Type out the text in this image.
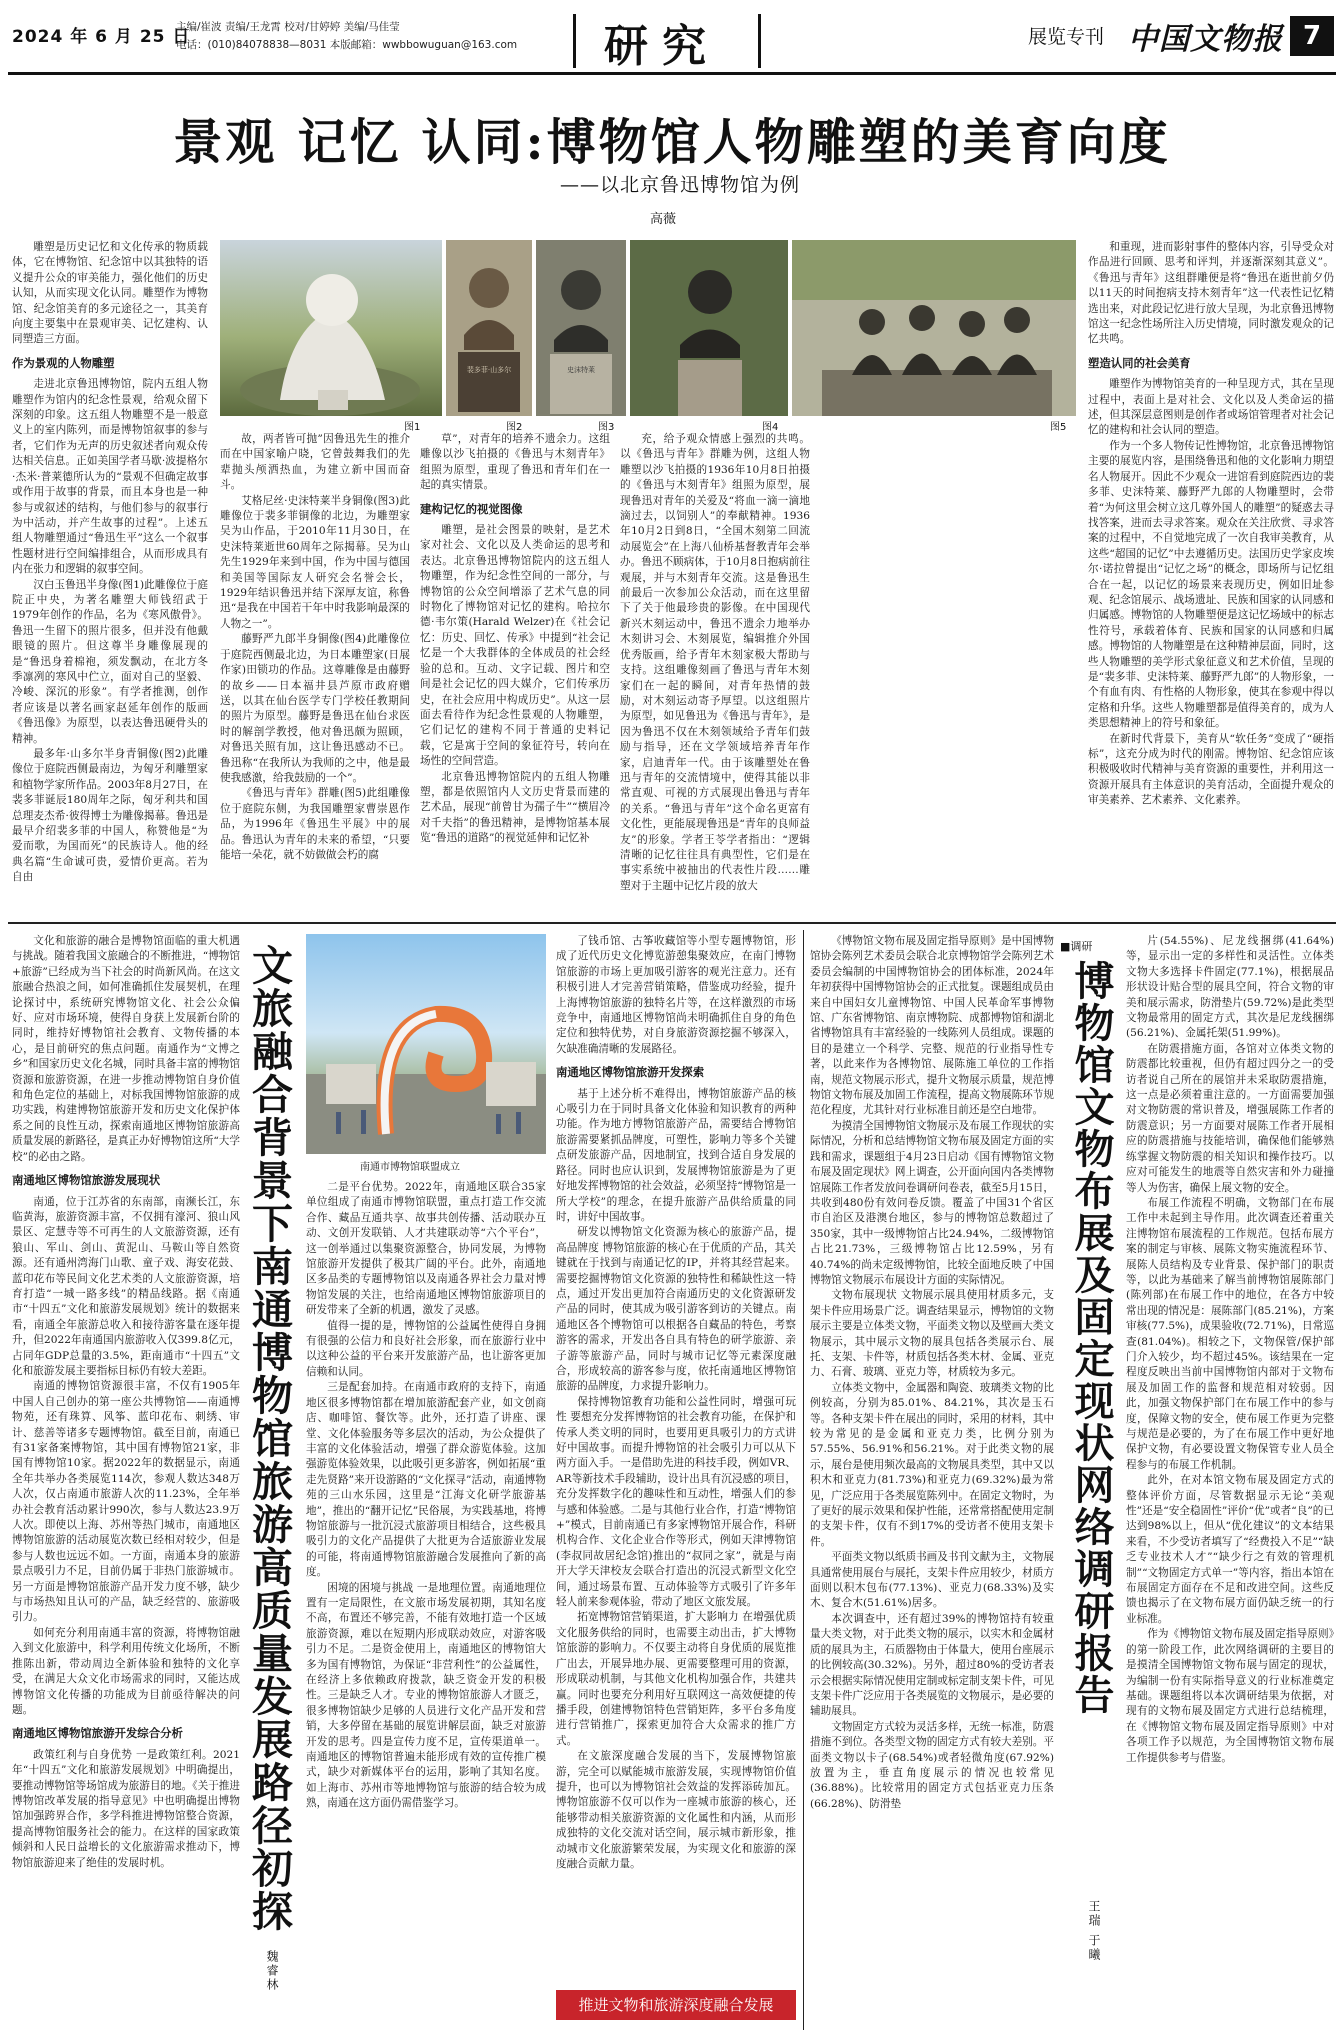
2024 年 6 月 25 日
主编/崔波 责编/王龙霄 校对/甘婷婷 美编/马佳莹
电话：(010)84078838—8031 本版邮箱：wwbbowuguan@163.com 研究	展览专刊 中国文物报 7
景观 记忆 认同:博物馆人物雕塑的美育向度
——以北京鲁迅博物馆为例
高薇

雕塑是历史记忆和文化传承的物质载体，它在博物馆、纪念馆中以其独特的语义提升公众的审美能力，强化他们的历史认知，从而实现文化认同。雕塑作为博物馆、纪念馆美育的多元途径之一，其美育向度主要集中在景观审美、记忆建构、认同塑造三方面。

作为景观的人物雕塑

走进北京鲁迅博物馆，院内五组人物雕塑作为馆内的纪念性景观，给观众留下深刻的印象。这五组人物雕塑不是一般意义上的室内陈列，而是博物馆叙事的参与者，它们作为无声的历史叙述者向观众传达相关信息。正如美国学者马歇·波提格尔·杰米·普莱德所认为的“景观不但确定故事或作用于故事的背景，而且本身也是一种参与或叙述的结构，与他们参与的叙事行为中活动，并产生故事的过程”。上述五组人物雕塑通过“鲁迅生平”这么一个叙事性题材进行空间编排组合，从而形成具有内在张力和逻辑的叙事空间。

汉白玉鲁迅半身像(图1)此雕像位于庭院正中央，为著名雕塑大师钱绍武于1979年创作的作品，名为《寒风傲骨》。鲁迅一生留下的照片很多，但并没有他戴眼镜的照片。但这尊半身雕像展现的是“鲁迅身着棉袍，须发飘动，在北方冬季凛冽的寒风中伫立，面对自己的坚毅、冷峻、深沉的形象”。有学者推测，创作者应该是以著名画家赵延年创作的版画《鲁迅像》为原型，以表达鲁迅硬骨头的精神。

最多年·山多尔半身青铜像(图2)此雕像位于庭院西侧最南边，为匈牙利雕塑家和植物学家所作品。2003年8月27日，在裴多菲诞辰180周年之际，匈牙利共和国总理麦杰希·彼得博士为雕像揭幕。鲁迅是最早介绍裴多菲的中国人，称赞他是“为爱而歌，为国而死”的民族诗人。他的经典名篇“生命诚可贵，爱情价更高。若为自由

图1
裴多菲·山多尔
图2
史沫特莱
图3	图4	图5

故，两者皆可抛”因鲁迅先生的推介而在中国家喻户晓，它曾鼓舞我们的先辈抛头颅洒热血，为建立新中国而奋斗。

艾格尼丝·史沫特莱半身铜像(图3)此雕像位于裴多菲铜像的北边，为雕塑家吴为山作品，于2010年11月30日，在史沫特莱逝世60周年之际揭幕。吴为山先生1929年来到中国，作为中国与德国和美国等国际友人研究会名誉会长，1929年结识鲁迅并结下深厚友谊，称鲁迅“是我在中国若干年中时我影响最深的人物之一”。

藤野严九郎半身铜像(图4)此雕像位于庭院西侧最北边，为日本雕塑家(日展作家)田锁功的作品。这尊雕像是由藤野的故乡——日本福井县芦原市政府赠送，以其在仙台医学专门学校任教期间的照片为原型。藤野是鲁迅在仙台求医时的解剖学教授，他对鲁迅颇为照顾，对鲁迅关照有加，这让鲁迅感动不已。鲁迅称“在我所认为我师的之中，他是最使我感激，给我鼓励的一个”。

《鲁迅与青年》群雕(图5)此组雕像位于庭院东侧，为我国雕塑家曹崇恩作品，为1996年《鲁迅生平展》中的展品。鲁迅认为青年的未来的希望，“只要能培一朵花，就不妨做做会朽的腐

草”，对青年的培养不遗余力。这组雕像以沙飞拍摄的《鲁迅与木刻青年》组照为原型，重现了鲁迅和青年们在一起的真实情景。

建构记忆的视觉图像

雕塑，是社会图景的映射，是艺术家对社会、文化以及人类命运的思考和表达。北京鲁迅博物馆院内的这五组人物雕塑，作为纪念性空间的一部分，与博物馆的公众空间增添了艺术气息的同时物化了博物馆对记忆的建构。哈拉尔德·韦尔策(Harald Welzer)在《社会记忆：历史、回忆、传承》中提到“社会记忆是一个大我群体的全体成员的社会经验的总和。互动、文字记载、图片和空间是社会记忆的四大媒介，它们传承历史，在社会应用中构成历史”。从这一层面去看待作为纪念性景观的人物雕塑，它们记忆的建构不同于普通的史料记载，它是寓于空间的象征符号，转向在场性的空间营造。

北京鲁迅博物馆院内的五组人物雕塑，都是依照馆内人文历史背景而建的艺术品，展现“前曾甘为孺子牛”“横眉冷对千夫指”的鲁迅精神，是博物馆基本展览“鲁迅的道路”的视觉延伸和记忆补

充，给予观众情感上强烈的共鸣。以《鲁迅与青年》群雕为例，这组人物雕塑以沙飞拍摄的1936年10月8日拍摄的《鲁迅与木刻青年》组照为原型，展现鲁迅对青年的关爱及“将血一滴一滴地滴过去，以饲别人”的奉献精神。1936年10月2日到8日，“全国木刻第二回流动展览会”在上海八仙桥基督教青年会举办。鲁迅不顾病体，于10月8日抱病前往观展，并与木刻青年交流。这是鲁迅生前最后一次参加公众活动，而在这里留下了关于他最珍贵的影像。在中国现代新兴木刻运动中，鲁迅不遗余力地举办木刻讲习会、木刻展览，编辑推介外国优秀版画，给予青年木刻家极大帮助与支持。这组雕像刻画了鲁迅与青年木刻家们在一起的瞬间，对青年热情的鼓励，对木刻运动寄予厚望。以这组照片为原型，如见鲁迅为《鲁迅与青年》，是因为鲁迅不仅在木刻领域给予青年们鼓励与指导，还在文学领域培养青年作家，启迪青年一代。由于该雕塑处在鲁迅与青年的交流情境中，使得其能以非常直观、可视的方式展现出鲁迅与青年的关系。“鲁迅与青年”这个命名更富有文化性，更能展现鲁迅是“青年的良师益友”的形象。学者王苓学者指出：“逻辑清晰的记忆往往具有典型性，它们是在事实系统中被抽出的代表性片段……雕塑对于主题中记忆片段的放大

和重现，进而影射事件的整体内容，引导受众对作品进行回顾、思考和评判，并逐渐深刻其意义”。《鲁迅与青年》这组群雕便是将“鲁迅在逝世前夕仍以11天的时间抱病支持木刻青年”这一代表性记忆精选出来，对此段记忆进行放大呈现，为北京鲁迅博物馆这一纪念性场所注入历史情境，同时激发观众的记忆共鸣。

塑造认同的社会美育

雕塑作为博物馆美育的一种呈现方式，其在呈现过程中，表面上是对社会、文化以及人类命运的描述，但其深层意图则是创作者或场馆管理者对社会记忆的建构和社会认同的塑造。

作为一个多人物传记性博物馆，北京鲁迅博物馆主要的展览内容，是围绕鲁迅和他的文化影响力期望名人物展开。因此不少观众一进馆看到庭院西边的裴多菲、史沫特莱、藤野严九郎的人物雕塑时，会带着“为何这里会树立这几尊外国人的雕塑”的疑惑去寻找答案，进而去寻求答案。观众在关注欣赏、寻求答案的过程中，不自觉地完成了一次自我审美教育，从这些“超国的记忆”中去遵循历史。法国历史学家皮埃尔·诺拉曾提出“记忆之场”的概念，即场所与记忆组合在一起，以记忆的场景来表现历史，例如旧址参观、纪念馆展示、战场遗址、民族和国家的认同感和归属感。博物馆的人物雕塑便是这记忆场域中的标志性符号，承载着体育、民族和国家的认同感和归属感。博物馆的人物雕塑是在这种精神层面，同时，这些人物雕塑的美学形式象征意义和艺术价值，呈现的是“裴多菲、史沫特莱、藤野严九郎”的人物形象，一个有血有肉、有性格的人物形象，使其在参观中得以定格和升华。这些人物雕塑都是值得美育的，成为人类思想精神上的符号和象征。

在新时代背景下，美育从“软任务”变成了“硬指标”，这充分成为时代的刚需。博物馆、纪念馆应该积极吸收时代精神与美育资源的重要性，并利用这一资源开展具有主体意识的美育活动，全面提升观众的审美素养、艺术素养、文化素养。

文化和旅游的融合是博物馆面临的重大机遇与挑战。随着我国文旅融合的不断推进，“博物馆+旅游”已经成为当下社会的时尚新风尚。在这文旅融合热浪之间，如何准确抓住发展契机，在理论探讨中，系统研究博物馆文化、社会公众偏好、应对市场环境，使得自身获上发展新台阶的同时，维持好博物馆社会教育、文物传播的本心，是目前研究的焦点问题。南通作为“文博之乡”和国家历史文化名城，同时具备丰富的博物馆资源和旅游资源，在进一步推动博物馆自身价值和角色定位的基础上，对标我国博物馆旅游的成功实践，构建博物馆旅游开发和历史文化保护体系之间的良性互动，探索南通地区博物馆旅游高质量发展的新路径，是真正办好博物馆这所“大学校”的必由之路。

南通地区博物馆旅游发展现状

南通，位于江苏省的东南部，南濒长江，东临黄海，旅游资源丰富，不仅拥有濠河、狼山风景区、定慧寺等不可再生的人文旅游资源，还有狼山、军山、剑山、黄泥山、马鞍山等自然资源。还有通州湾海门山歌、童子戏、海安花鼓、蓝印花布等民间文化艺术类的人文旅游资源，培育打造“一城一路多线”的精品线路。据《南通市“十四五”文化和旅游发展规划》统计的数据来看，南通全年旅游总收入和接待游客量在逐年提升，但2022年南通国内旅游收入仅399.8亿元，占同年GDP总量的3.5%，距南通市“十四五”文化和旅游发展主要指标目标仍有较大差距。

南通的博物馆资源很丰富，不仅有1905年中国人自己创办的第一座公共博物馆——南通博物苑，还有珠算、风筝、蓝印花布、刺绣、审计、慈善等诸多专题博物馆。截至目前，南通已有31家备案博物馆，其中国有博物馆21家，非国有博物馆10家。据2022年的数据显示，南通全年共举办各类展览114次，参观人数达348万人次，仅占南通市旅游人次的11.23%，全年举办社会教育活动累计990次，参与人数达23.9万人次。即使以上海、苏州等热门城市，南通地区博物馆旅游的活动展览次数已经相对较少，但是参与人数也远远不如。一方面，南通本身的旅游景点吸引力不足，目前仍属于非热门旅游城市。另一方面是博物馆旅游产品开发力度不够，缺少与市场热知且认可的产品，缺乏经营的、旅游吸引力。

如何充分利用南通丰富的资源，将博物馆融入到文化旅游中，科学利用传统文化场所，不断推陈出新，带动周边全新体验和独特的文化享受，在满足大众文化市场需求的同时，又能达成博物馆文化传播的功能成为目前亟待解决的问题。

南通地区博物馆旅游开发综合分析

政策红利与自身优势 一是政策红利。2021年“十四五”文化和旅游发展规划》中明确提出，要推动博物馆等场馆成为旅游目的地。《关于推进博物馆改革发展的指导意见》中也明确提出博物馆加强跨界合作，多学科推进博物馆整合资源，提高博物馆服务社会的能力。在这样的国家政策倾斜和人民日益增长的文化旅游需求推动下，博物馆旅游迎来了绝佳的发展时机。	文旅融合背景下南通博物馆旅游高质量发展路径初探
魏睿林
南通市博物馆联盟成立

二是平台优势。2022年，南通地区联合35家单位组成了南通市博物馆联盟，重点打造工作交流合作、藏品互通共享、故事共创传播、活动联办互动、文创开发联销、人才共建联动等“六个平台”，这一创举通过以集聚资源整合，协同发展，为博物馆旅游开发提供了极其广阔的平台。此外，南通地区多品类的专题博物馆以及南通各界社会力量对博物馆发展的关注，也给南通地区博物馆旅游项目的研发带来了全新的机遇，激发了灵感。

值得一提的是，博物馆的公益属性使得自身拥有很强的公信力和良好社会形象，而在旅游行业中以这种公益的平台来开发旅游产品，也让游客更加信赖和认同。

三是配套加持。在南通市政府的支持下，南通地区很多博物馆都在增加旅游配套产业，如文创商店、咖啡馆、餐饮等。此外，还打造了讲座、课堂、文化体验服务等多层次的活动，为公众提供了丰富的文化体验活动，增强了群众游览体验。这加强游览体验效果，以此吸引更多游客，例如拓展“重走先贤路”来开设游路的“文化探寻”活动，南通博物苑的三山水乐园，这里是“江海文化研学旅游基地”，推出的“翻开记忆”民俗展，为实践基地，将博物馆旅游与一批沉浸式旅游项目相结合，这些极具吸引力的文化产品提供了大批更为合适旅游业发展的可能，将南通博物馆旅游融合发展推向了新的高度。

困境的困境与挑战 一是地理位置。南通地理位置有一定局限性，在文旅市场发展初期，其知名度不高，布置还不够完善，不能有效地打造一个区域旅游资源，难以在短期内形成联动效应，对游客吸引力不足。二是资金使用上，南通地区的博物馆大多为国有博物馆，为保证“非营利性”的公益属性，在经济上多依赖政府拨款，缺乏资金开发的积极性。三是缺乏人才。专业的博物馆旅游人才匮乏，很多博物馆缺少足够的人员进行文化产品开发和营销，大多停留在基础的展览讲解层面，缺乏对旅游开发的思考。四是宣传力度不足，宣传渠道单一。南通地区的博物馆普遍未能形成有效的宣传推广模式，缺少对新媒体平台的运用，影响了其知名度。如上海市、苏州市等地博物馆与旅游的结合较为成熟，南通在这方面仍需借鉴学习。

了钱币馆、古筝收藏馆等小型专题博物馆，形成了近代历史文化博览游憩集聚效应，在南门博物馆旅游的市场上更加吸引游客的观光注意力。还有积极引进人才完善营销策略，借鉴成功经验，提升上海博物馆旅游的独特名片等，在这样激烈的市场竞争中，南通地区博物馆尚未明确抓住自身的角色定位和独特优势，对自身旅游资源挖掘不够深入，欠缺准确清晰的发展路径。

南通地区博物馆旅游开发探索

基于上述分析不难得出，博物馆旅游产品的核心吸引力在于同时具备文化体验和知识教育的两种功能。作为地方博物馆旅游产品，需要结合博物馆旅游需要紧抓品牌度，可塑性，影响力等多个关键点研发旅游产品，因地制宜，找到合适自身发展的路径。同时也应认识到，发展博物馆旅游是为了更好地发挥博物馆的社会效益，必须坚持“博物馆是一所大学校”的理念，在提升旅游产品供给质量的同时，讲好中国故事。

研发以博物馆文化资源为核心的旅游产品，提高品牌度 博物馆旅游的核心在于优质的产品，其关键就在于找到与南通记忆的IP，并将其经营起来。需要挖掘博物馆文化资源的独特性和稀缺性这一特点，通过开发出更加符合南通历史的文化资源研发产品的同时，使其成为吸引游客到访的关键点。南通地区各个博物馆可以根据各自藏品的特色，考察游客的需求，开发出各自具有特色的研学旅游、亲子游等旅游产品，同时与城市记忆等元素深度融合，形成较高的游客参与度，依托南通地区博物馆旅游的品牌度，力求提升影响力。

保持博物馆教育功能和公益性同时，增强可玩性 要想充分发挥博物馆的社会教育功能，在保护和传承人类文明的同时，也要用更具吸引力的方式讲好中国故事。而提升博物馆的社会吸引力可以从下两方面入手。一是借助先进的科技手段，例如VR、AR等新技术手段辅助，设计出具有沉浸感的项目，充分发挥数字化的趣味性和互动性，增强人们的参与感和体验感。二是与其他行业合作，打造“博物馆+”模式，目前南通已有多家博物馆开展合作，科研机构合作、文化企业合作等形式，例如天津博物馆(李叔同故居纪念馆)推出的“叔同之家”，就是与南开大学天津校友会联合打造出的沉浸式新型文化空间，通过场景布置、互动体验等方式吸引了许多年轻人前来参观体验，带动了地区文旅发展。

拓宽博物馆营销渠道，扩大影响力 在增强优质文化服务供给的同时，也需要主动出击，扩大博物馆旅游的影响力。不仅要主动将自身优质的展览推广出去，开展异地办展、更需要整理可用的资源，形成联动机制，与其他文化机构加强合作，共建共赢。同时也要充分利用好互联网这一高效便捷的传播手段，创建博物馆特色营销矩阵，多平台多角度进行营销推广，探索更加符合大众需求的推广方式。

在文旅深度融合发展的当下，发展博物馆旅游，完全可以赋能城市旅游发展，实现博物馆价值提升，也可以为博物馆社会效益的发挥添砖加瓦。博物馆旅游不仅可以作为一座城市旅游的核心，还能够带动相关旅游资源的文化属性和内涵，从而形成独特的文化交流对话空间，展示城市新形象，推动城市文化旅游繁荣发展，为实现文化和旅游的深度融合贡献力量。

推进文物和旅游深度融合发展

《博物馆文物布展及固定指导原则》是中国博物馆协会陈列艺术委员会联合北京博物馆学会陈列艺术委员会编制的中国博物馆协会的团体标准，2024年年初获得中国博物馆协会的正式批复。课题组成员由来自中国妇女儿童博物馆、中国人民革命军事博物馆、广东省博物馆、南京博物院、成都博物馆和湖北省博物馆具有丰富经验的一线陈列人员组成。课题的目的是建立一个科学、完整、规范的行业指导性专著，以此来作为各博物馆、展陈施工单位的工作指南，规范文物展示形式，提升文物展示质量，规范博物馆文物布展及加固工作流程，提高文物展陈环节规范化程度，尤其针对行业标准目前还是空白地带。

为摸清全国博物馆文物展示及布展工作现状的实际情况，分析和总结博物馆文物布展及固定方面的实践和需求，课题组于4月23日启动《国有博物馆文物布展及固定现状》网上调查，公开面向国内各类博物馆展陈工作者发放问卷调研问卷表，截至5月15日，共收到480份有效问卷反馈。覆盖了中国31个省区市自治区及港澳台地区，参与的博物馆总数超过了350家，其中一级博物馆占比24.94%，二级博物馆占比21.73%，三级博物馆占比12.59%，另有40.74%的尚未定级博物馆，比较全面地反映了中国博物馆文物展示布展设计方面的实际情况。

文物布展现状 文物展示展具使用材质多元，支架卡件应用场景广泛。调查结果显示，博物馆的文物展示主要是立体类文物，平面类文物以及壁画大类文物展示，其中展示文物的展具包括各类展示台、展托、支架、卡件等，材质包括各类木材、金属、亚克力、石膏、玻璃、亚克力等，材质较为多元。

立体类文物中，金属器和陶瓷、玻璃类文物的比例较高，分别为85.01%、84.21%，其次是玉石等。各种支架卡件在展出的同时，采用的材料，其中较为常见的是金属和亚克力类，比例分别为57.55%、56.91%和56.21%。对于此类文物的展示，展台是使用频次最高的文物展具类型，其中又以积木和亚克力(81.73%)和亚克力(69.32%)最为常见，广泛应用于各类展览陈列中。在固定文物时，为了更好的展示效果和保护性能，还常常搭配使用定制的支架卡件，仅有不到17%的受访者不使用支架卡件。

平面类文物以纸质书画及书刊文献为主，文物展具通常使用展台与展托，支架卡件应用较少，材质方面则以积木包布(77.13%)、亚克力(68.33%)及实木、复合木(51.61%)居多。

本次调查中，还有超过39%的博物馆持有较重量大类文物，对于此类文物的展示，以实木和金属材质的展具为主，石质器物由于体量大，使用台座展示的比例较高(30.32%)。另外，超过80%的受访者表示会根据实际情况使用定制或标定制支架卡件，可见支架卡件广泛应用于各类展览的文物展示，是必要的辅助展具。

文物固定方式较为灵活多样，无统一标准，防震措施不到位。各类型文物的固定方式有较大差别。平面类文物以卡子(68.54%)或者轻微角度(67.92%)放置为主，垂直角度展示的情况也较常见(36.88%)。比较常用的固定方式包括亚克力压条(66.28%)、防滑垫

■调研
博物馆文物布展及固定现状网络调研报告
王瑞 于曦

片(54.55%)、尼龙线捆绑(41.64%)等，显示出一定的多样性和灵活性。立体类文物大多选择卡件固定(77.1%)，根据展品形状设计贴合型的展具空间，符合文物的审美和展示需求，防滑垫片(59.72%)是此类型文物最常用的固定方式，其次是尼龙线捆绑(56.21%)、金属托架(51.99%)。

在防震措施方面，各馆对立体类文物的防震都比较重视，但仍有超过四分之一的受访者说自己所在的展馆并未采取防震措施，这一点是必须着重注意的。一方面需要加强对文物防震的常识普及，增强展陈工作者的防震意识；另一方面要对展陈工作者开展相应的防震措施与技能培训，确保他们能够熟练掌握文物防震的相关知识和操作技巧。以应对可能发生的地震等自然灾害和外力碰撞等人为伤害，确保上展文物的安全。

布展工作流程不明确，文物部门在布展工作中未起到主导作用。此次调查还着重关注博物馆布展流程的工作规范。包括布展方案的制定与审核、展陈文物实施流程环节、展陈人员结构及专业背景、保护部门的职责等，以此为基础来了解当前博物馆展陈部门(陈列部)在布展工作中的地位，在各方中较常出现的情况是：展陈部门(85.21%)，方案审核(77.5%)，成果验收(72.71%)，日常巡查(81.04%)。相较之下，文物保管/保护部门介入较少，均不超过45%。该结果在一定程度反映出当前中国博物馆内部对于文物布展及加固工作的监督和规范相对较弱。因此，加强文物保护部门在布展工作中的参与度，保障文物的安全，使布展工作更为完整与规范是必要的，为了在布展工作中更好地保护文物，有必要设置文物保管专业人员全程参与的布展工作机制。

此外，在对本馆文物布展及固定方式的整体评价方面，尽管数据显示无论“美观性”还是“安全稳固性”评价“优”或者“良”的已达到98%以上，但从“优化建议”的文本结果来看，不少受访者填写了“经费投入不足”“缺乏专业技术人才”“缺少行之有效的管理机制”“文物固定方式单一”等内容，指出本馆在布展固定方面存在不足和改进空间。这些反馈也揭示了在文物布展方面仍缺乏统一的行业标准。

作为《博物馆文物布展及固定指导原则》的第一阶段工作，此次网络调研的主要目的是摸清全国博物馆文物布展与固定的现状，为编制一份有实际指导意义的行业标准奠定基础。课题组将以本次调研结果为依据，对现有的文物布展及固定方式进行总结梳理，在《博物馆文物布展及固定指导原则》中对各项工作予以规范，为全国博物馆文物布展工作提供参考与借鉴。
